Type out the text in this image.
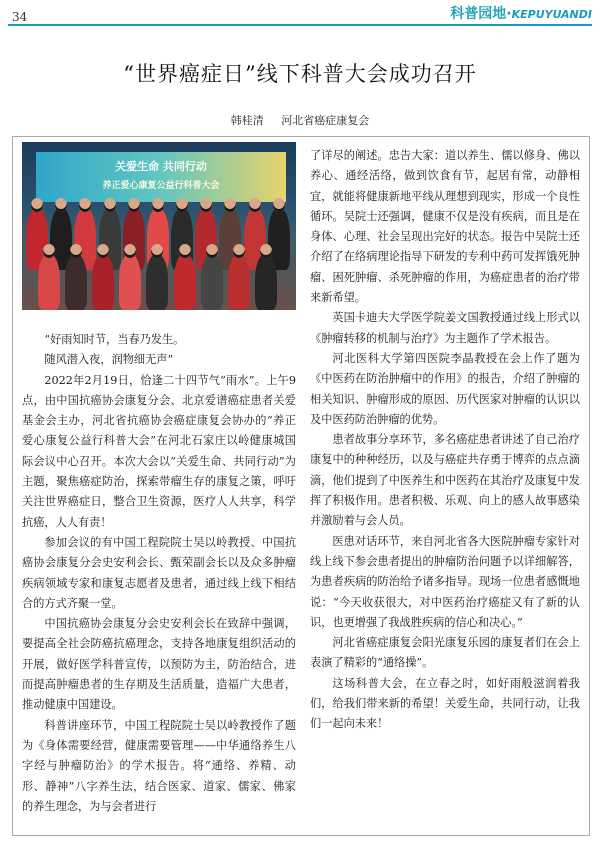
34	科普园地·KEPUYUANDI
“世界癌症日”线下科普大会成功召开
韩桂清 河北省癌症康复会
关爱生命 共同行动
养正爱心康复公益行科普大会

“好雨知时节，当春乃发生。

随风潜入夜，润物细无声”

2022年2月19日，恰逢二十四节气“雨水”。上午9点，由中国抗癌协会康复分会、北京爱谱癌症患者关爱基金会主办，河北省抗癌协会癌症康复会协办的“养正爱心康复公益行科普大会”在河北石家庄以岭健康城国际会议中心召开。本次大会以“关爱生命、共同行动”为主题，聚焦癌症防治，探索带瘤生存的康复之策，呼吁关注世界癌症日，整合卫生资源，医疗人人共享，科学抗癌，人人有责！

参加会议的有中国工程院院士吴以岭教授、中国抗癌协会康复分会史安利会长、甄荣副会长以及众多肿瘤疾病领域专家和康复志愿者及患者，通过线上线下相结合的方式齐聚一堂。

中国抗癌协会康复分会史安利会长在致辞中强调，要提高全社会防癌抗癌理念，支持各地康复组织活动的开展，做好医学科普宣传，以预防为主，防治结合，进而提高肿瘤患者的生存期及生活质量，造福广大患者，推动健康中国建设。

科普讲座环节，中国工程院院士吴以岭教授作了题为《身体需要经营，健康需要管理——中华通络养生八字经与肿瘤防治》的学术报告。将“通络、养精、动形、静神”八字养生法，结合医家、道家、儒家、佛家的养生理念，为与会者进行

了详尽的阐述。忠告大家：道以养生、儒以修身、佛以养心、通经活络，做到饮食有节，起居有常，动静相宜，就能将健康新地平线从理想到现实，形成一个良性循环。吴院士还强调，健康不仅是没有疾病，而且是在身体、心理、社会呈现出完好的状态。报告中吴院士还介绍了在络病理论指导下研发的专利中药可发挥饿死肿瘤、困死肿瘤、杀死肿瘤的作用，为癌症患者的治疗带来新希望。

英国卡迪夫大学医学院姜文国教授通过线上形式以《肿瘤转移的机制与治疗》为主题作了学术报告。

河北医科大学第四医院李晶教授在会上作了题为《中医药在防治肿瘤中的作用》的报告，介绍了肿瘤的相关知识、肿瘤形成的原因、历代医家对肿瘤的认识以及中医药防治肿瘤的优势。

患者故事分享环节，多名癌症患者讲述了自己治疗康复中的种种经历，以及与癌症共存勇于博弈的点点滴滴，他们提到了中医养生和中医药在其治疗及康复中发挥了积极作用。患者积极、乐观、向上的感人故事感染并激励着与会人员。

医患对话环节，来自河北省各大医院肿瘤专家针对线上线下参会患者提出的肿瘤防治问题予以详细解答，为患者疾病的防治给予诸多指导。现场一位患者感慨地说：“今天收获很大，对中医药治疗癌症又有了新的认识，也更增强了我战胜疾病的信心和决心。”

河北省癌症康复会阳光康复乐园的康复者们在会上表演了精彩的“通络操”。

这场科普大会，在立春之时，如好雨般滋润着我们，给我们带来新的希望！关爱生命，共同行动，让我们一起向未来！
